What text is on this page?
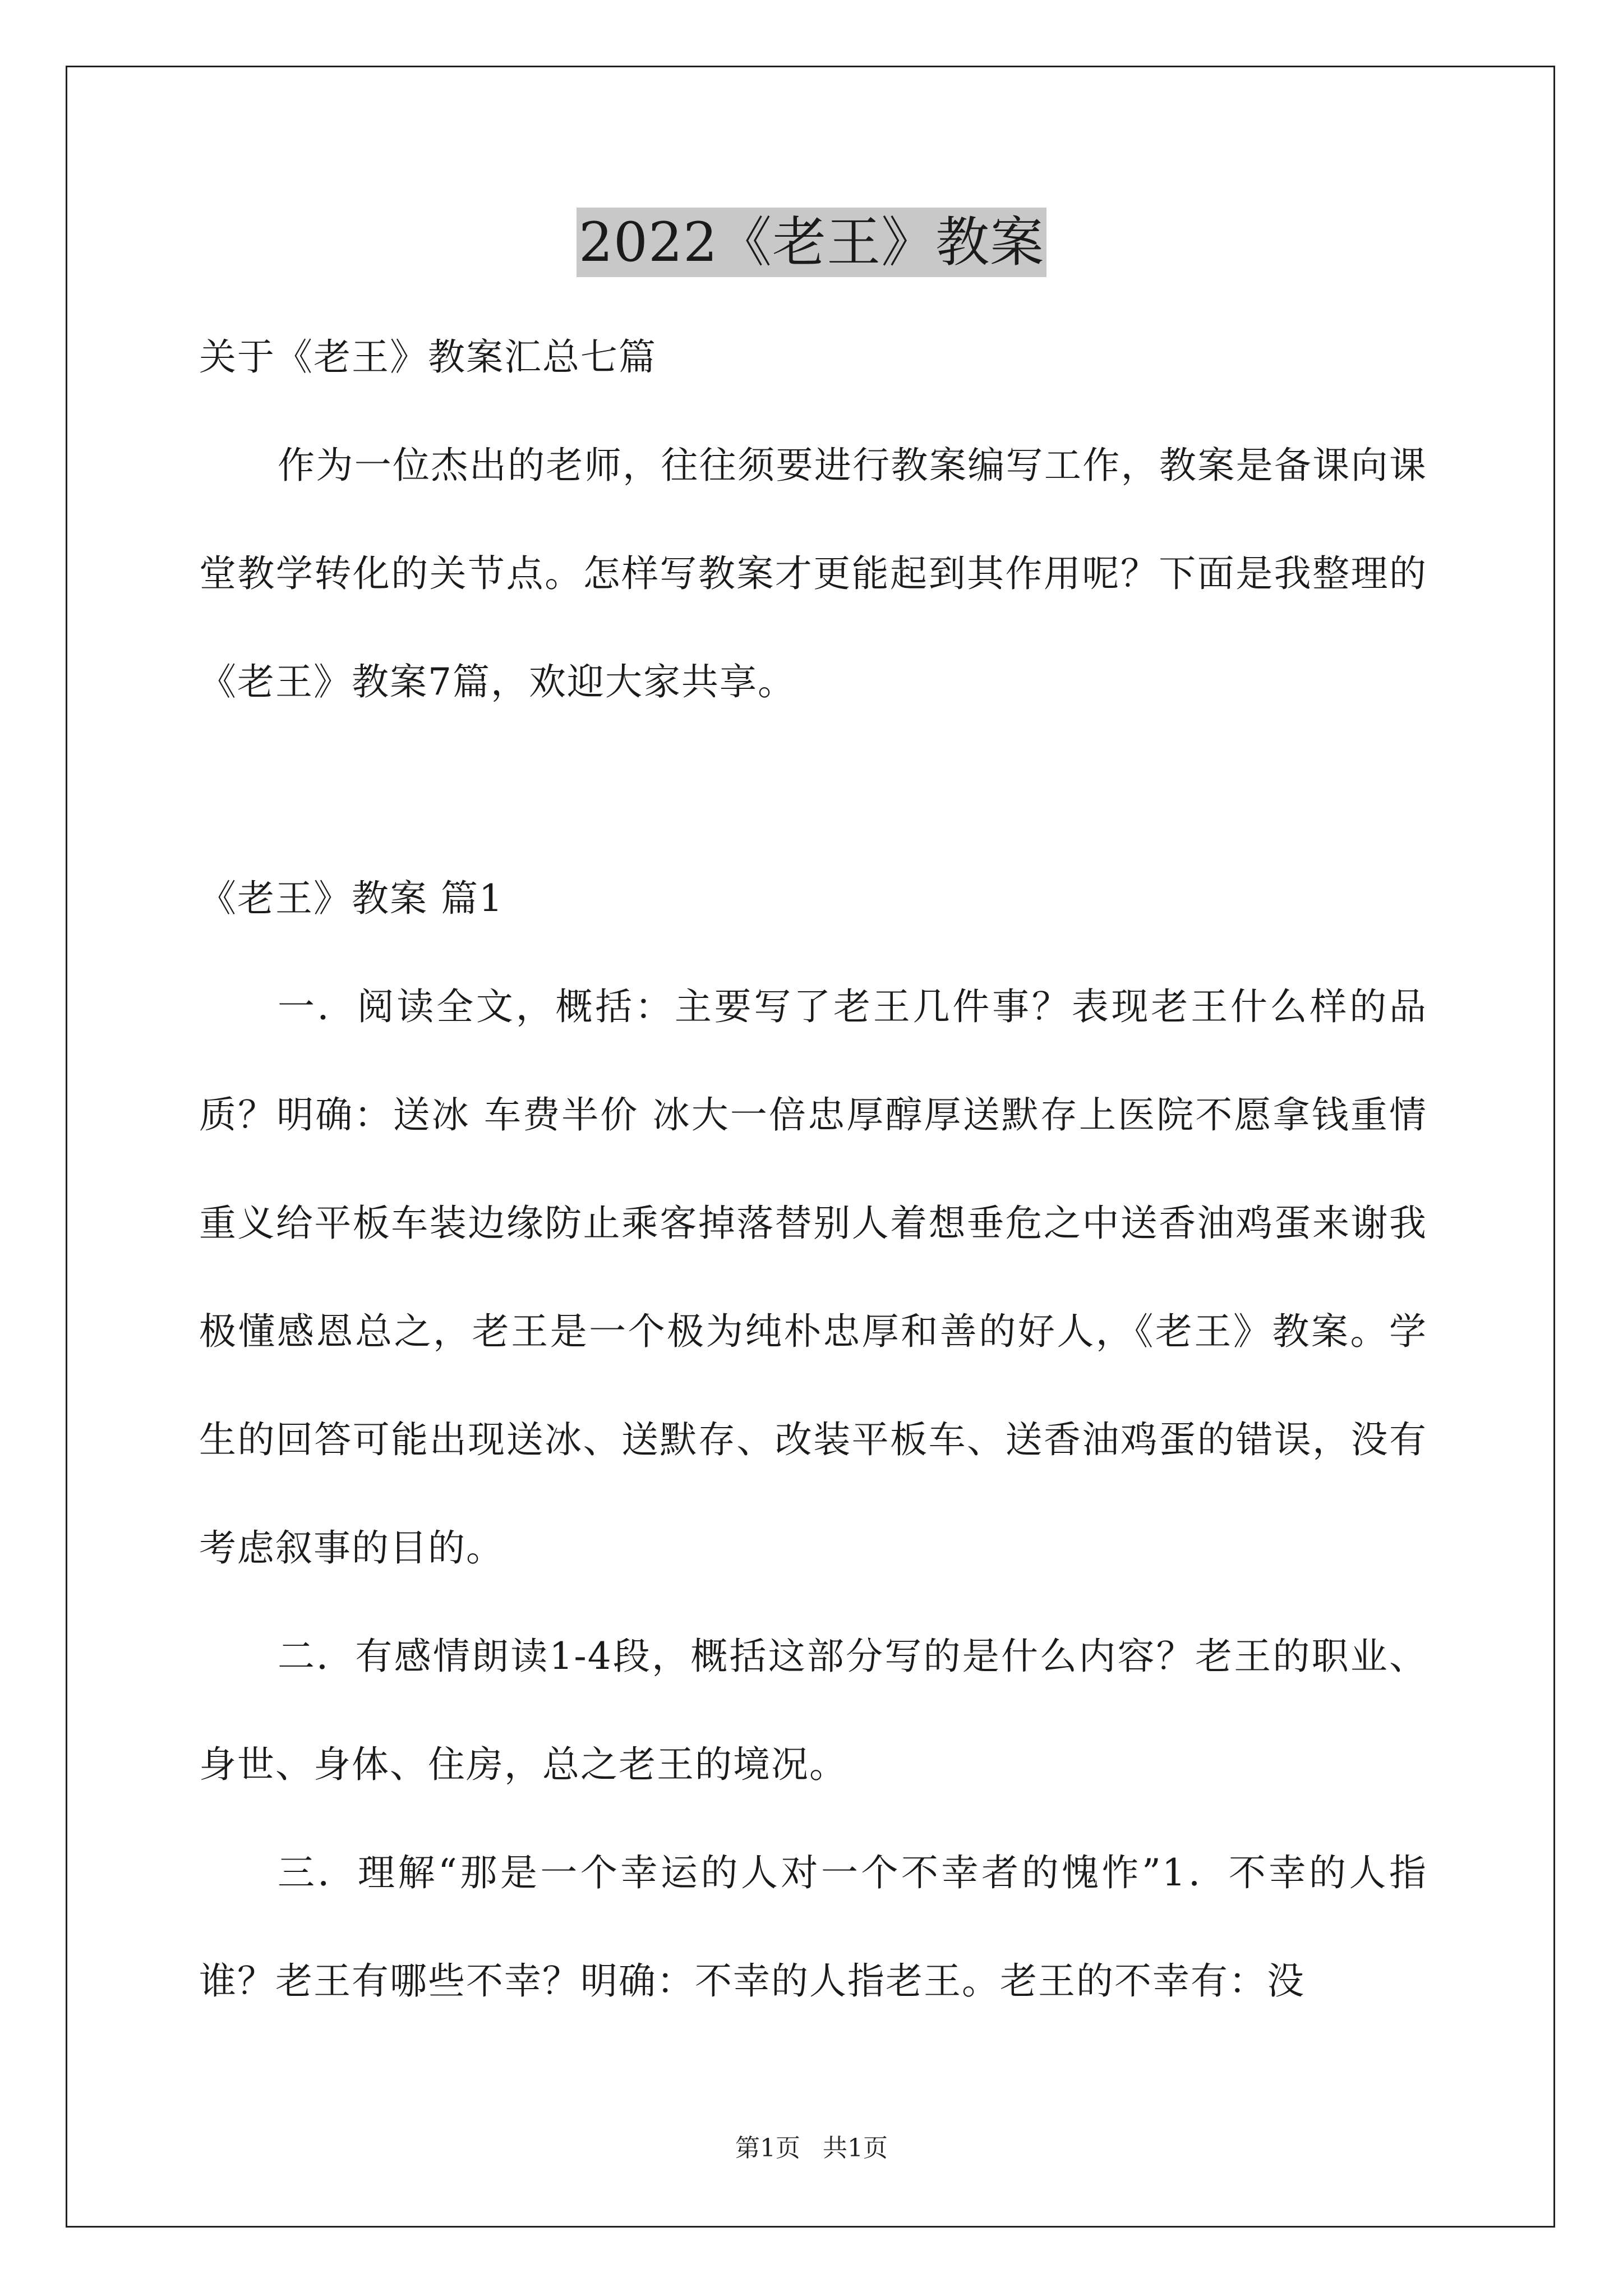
2022《老王》教案

关于《老王》教案汇总七篇

作为一位杰出的老师，往往须要进行教案编写工作，教案是备课向课堂教学转化的关节点。怎样写教案才更能起到其作用呢？下面是我整理的《老王》教案7篇，欢迎大家共享。

《老王》教案 篇1

一．阅读全文，概括：主要写了老王几件事？表现老王什么样的品质？明确：送冰 车费半价 冰大一倍忠厚醇厚送默存上医院不愿拿钱重情重义给平板车装边缘防止乘客掉落替别人着想垂危之中送香油鸡蛋来谢我极懂感恩总之，老王是一个极为纯朴忠厚和善的好人，《老王》教案。学生的回答可能出现送冰、送默存、改装平板车、送香油鸡蛋的错误，没有考虑叙事的目的。

二．有感情朗读1-4段，概括这部分写的是什么内容？老王的职业、身世、身体、住房，总之老王的境况。

三．理解“那是一个幸运的人对一个不幸者的愧怍”1．不幸的人指谁？老王有哪些不幸？明确：不幸的人指老王。老王的不幸有：没

第1页 共1页
